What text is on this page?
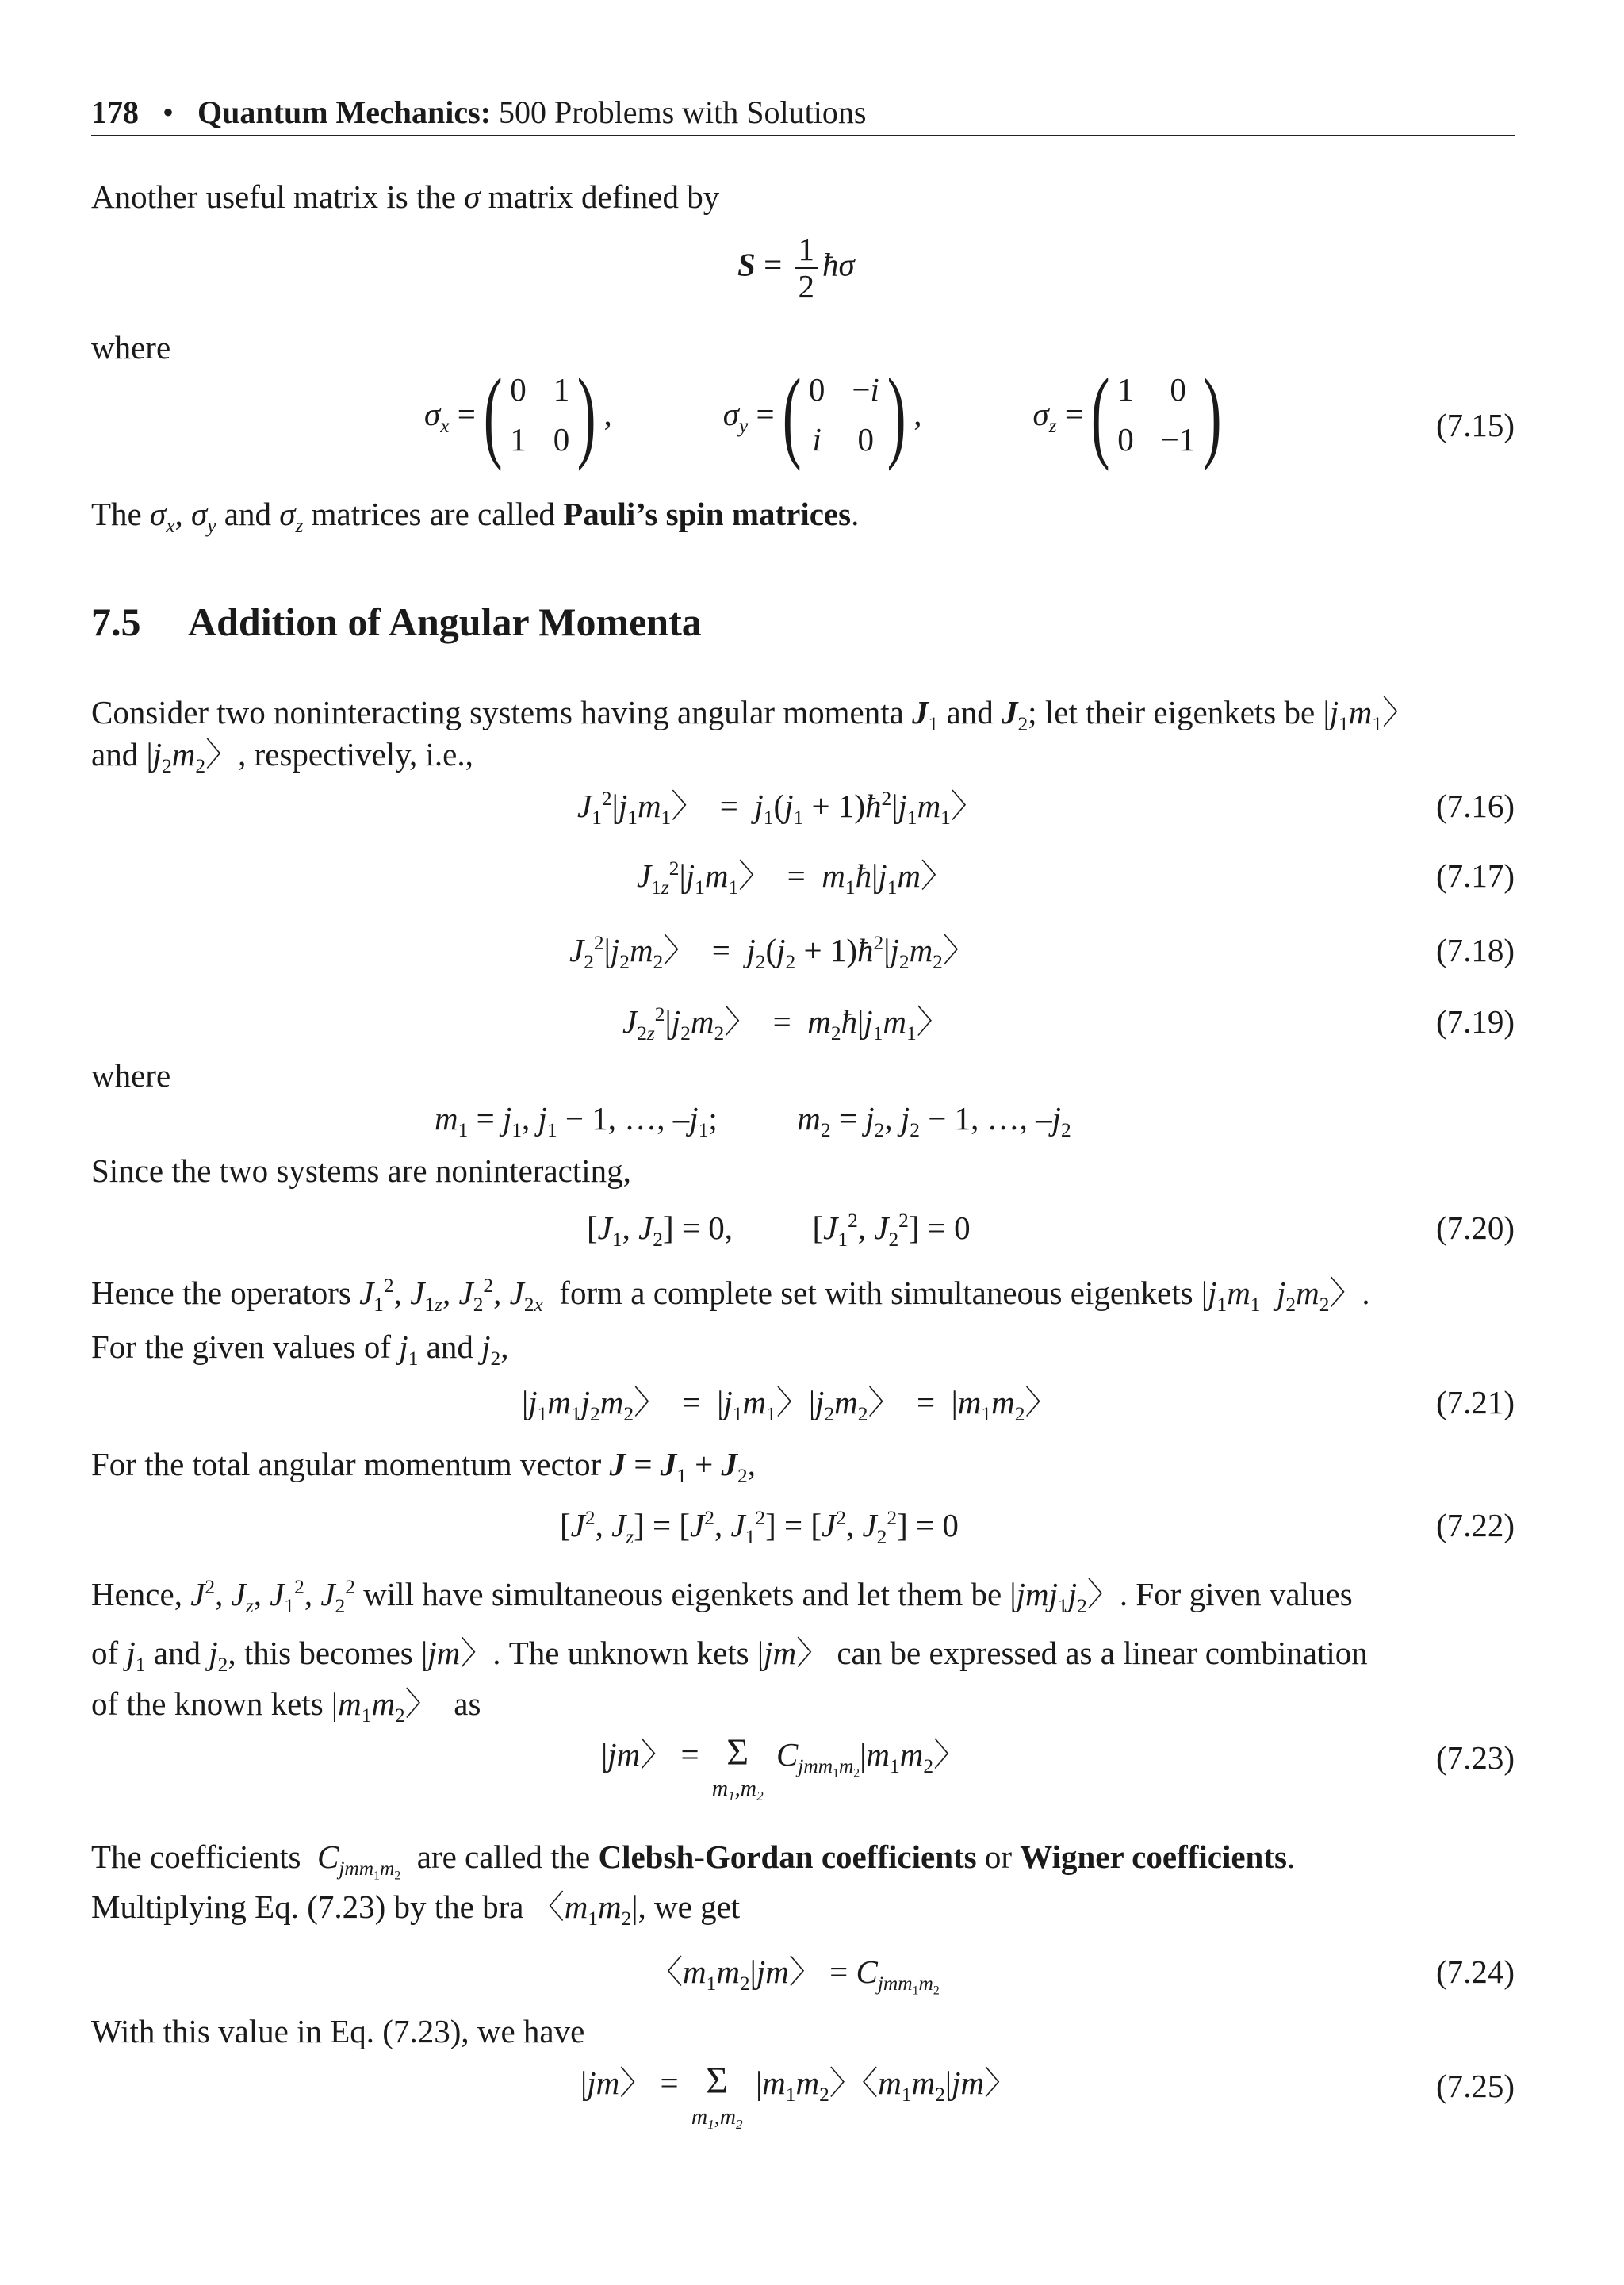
178 • Quantum Mechanics: 500 Problems with Solutions
Another useful matrix is the σ matrix defined by
$S = \frac{1}{2}$ ħσ
where
$\sigma_x$ = ( 0 1
1 0 ) ,	$\sigma_y$ = ( 0 −i
i 0 ) ,	$\sigma_z$ = ( 1 0
0 −1 )	(7.15)
The $\sigma_x$, $\sigma_y$ and $\sigma_z$ matrices are called Pauli’s spin matrices.
7.5 Addition of Angular Momenta
Consider two noninteracting systems having angular momenta $J_1$ and $J_2$; let their eigenkets be $|j_1m_1$〉
and $|j_2m_2$〉, respectively, i.e.,
$J_1^2|j_1m_1$〉  =  $j_1(j_1$ + $1)ħ^2|j_1m_1$〉	(7.16)
$J_{1z}^2|j_1m_1$〉  =  $m_1ħ|j_1m$〉	(7.17)
$J_2^2|j_2m_2$〉  =  $j_2(j_2$ + $1)ħ^2|j_2m_2$〉	(7.18)
$J_{2z}^2|j_2m_2$〉  =  $m_2ħ|j_1m_1$〉	(7.19)
where
$m_1 = j_1$, $j_1 - 1$, …, $-j_1$;  $m_2 = j_2$, $j_2 - 1$, …, $-j_2$
Since the two systems are noninteracting,
[$J_1$, $J_2] = 0$,  [$J_1^2$, $J_2^2] = 0$	(7.20)
Hence the operators $J_1^2$, $J_{1z}$, $J_2^2$, $J_{2x}$ form a complete set with simultaneous eigenkets $|j_1m_1$ $j_2m_2$〉.
For the given values of $j_1$ and $j_2$,
$|j_1m_1j_2m_2$〉  =  $|j_1m_1$〉$|j_2m_2$〉  =  $|m_1m_2$〉	(7.21)
For the total angular momentum vector $J = J_1 + J_2$,
[$J^2$, $J_z] = [J^2$, $J_1^2] = [J^2$, $J_2^2] = 0$	(7.22)
Hence, $J^2$, $J_z$, $J_1^2$, $J_2^2$ will have simultaneous eigenkets and let them be $|jmj_1j_2$〉. For given values
of $j_1$ and $j_2$, this becomes |jm〉. The unknown kets |jm〉 can be expressed as a linear combination
of the known kets $|m_1m_2$〉  as
|jm〉 = Σ
$m_1,m_2$
$C_{jmm_1m_2}|m_1m_2$〉	(7.23)
The coefficients $C_{jmm_1m_2}$  are called the Clebsh-Gordan coefficients or Wigner coefficients.
Multiplying Eq. (7.23) by the bra 〈$m_1m_2|$, we get
〈$m_1m_2|jm$〉 = $C_{jmm_1m_2}$
(7.24)
With this value in Eq. (7.23), we have
|jm〉 = Σ
$m_1,m_2$
$|m_1m_2$〉〈$m_1m_2|jm$〉	(7.25)
